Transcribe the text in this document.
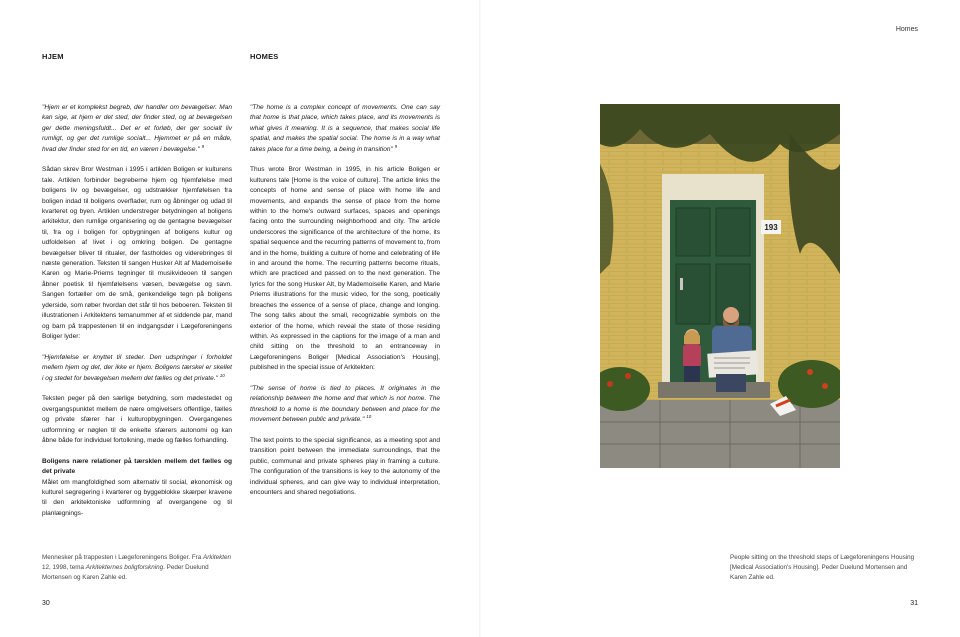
HJEM

"Hjem er et komplekst begreb, der handler om bevægelser. Man kan sige, at hjem er det sted, der finder sted, og at bevægelsen ger dette meningsfuldt... Det er et forløb, der ger socialt liv rumligt, og ger det rumlige socialt... Hjemmet er på en måde, hvad der finder sted for en tid, en væren i bevægelse." $^9$

Sådan skrev Bror Westman i 1995 i artiklen Boligen er kulturens tale. Artiklen forbinder begreberne hjem og hjemfølelse med boligens liv og bevægelser, og udstrækker hjemfølelsen fra boligen indad til boligens overflader, rum og åbninger og udad til kvarteret og byen. Artiklen understreger betydningen af boligens arkitektur, den rumlige organisering og de gentagne bevægelser til, fra og i boligen for opbygningen af boligens kultur og udfoldelsen af livet i og omkring boligen. De gentagne bevægelser bliver til ritualer, der fastholdes og viderebringes til næste generation. Teksten til sangen Husker Alt af Mademoiselle Karen og Marie-Priems tegninger til musikvideoen til sangen åbner poetisk til hjemfølelsens væsen, bevægelse og savn. Sangen fortæller om de små, genkendelige tegn på boligens yderside, som røber hvordan det står til hos beboeren. Teksten til illustrationen i Arkitektens temanummer af et siddende par, mand og barn på trappestenen til en indgangsdør i Lægeforeningens Boliger lyder:

"Hjemfølelse er knyttet til steder. Den udspringer i forholdet mellem hjem og det, der ikke er hjem. Boligens tærskel er skellet i og stedet for bevægelsen mellem det fælles og det private." $^{10}$

Teksten peger på den særlige betydning, som mødestedet og overgangspunktet mellem de nære omgivelsers offentlige, fælles og private sfærer har i kulturopbygningen. Overgangenes udformning er nøglen til de enkelte sfærers autonomi og kan åbne både for individuel fortolkning, møde og fælles forhandling.

Boligens nære relationer på tærsklen mellem det fælles og det private

Målet om mangfoldighed som alternativ til social, økonomisk og kulturel segregering i kvarterer og byggeblokke skærper kravene til den arkitektoniske udformning af overgangene og til planlægnings-

Mennesker på trappesten i Lægeforeningens Boliger. Fra Arkitekten 12, 1998, tema Arkitekternes boligforskning. Peder Duelund Mortensen og Karen Zahle ed.
30
Homes
HOMES

"The home is a complex concept of movements. One can say that home is that place, which takes place, and its movements is what gives it meaning. It is a sequence, that makes social life spatial, and makes the spatial social. The home is in a way what takes place for a time being, a being in transition" $^9$

Thus wrote Bror Westman in 1995, in his article Boligen er kulturens tale [Home is the voice of culture]. The article links the concepts of home and sense of place with home life and movements, and expands the sense of place from the home within to the home's outward surfaces, spaces and openings facing onto the surrounding neighborhood and city. The article underscores the significance of the architecture of the home, its spatial sequence and the recurring patterns of movement to, from and in the home, building a culture of home and celebrating of life in and around the home. The recurring patterns become rituals, which are practiced and passed on to the next generation. The lyrics for the song Husker Alt, by Mademoiselle Karen, and Marie Priems illustrations for the music video, for the song, poetically breaches the essence of a sense of place, change and longing. The song talks about the small, recognizable symbols on the exterior of the home, which reveal the state of those residing within. As expressed in the captions for the image of a man and child sitting on the threshold to an entranceway in Lægeforeningens Boliger [Medical Association's Housing], published in the special issue of Arkitekten:

"The sense of home is tied to places. It originates in the relationship between the home and that which is not home. The threshold to a home is the boundary between and place for the movement between public and private." $^{10}$

The text points to the special significance, as a meeting spot and transition point between the immediate surroundings, that the public, communal and private spheres play in framing a culture. The configuration of the transitions is key to the autonomy of the individual spheres, and can give way to individual interpretation, encounters and shared negotiations.

193
People sitting on the threshold steps of Lægeforeningens Housing [Medical Association's Housing]. Peder Duelund Mortensen and Karen Zahle ed.
31
